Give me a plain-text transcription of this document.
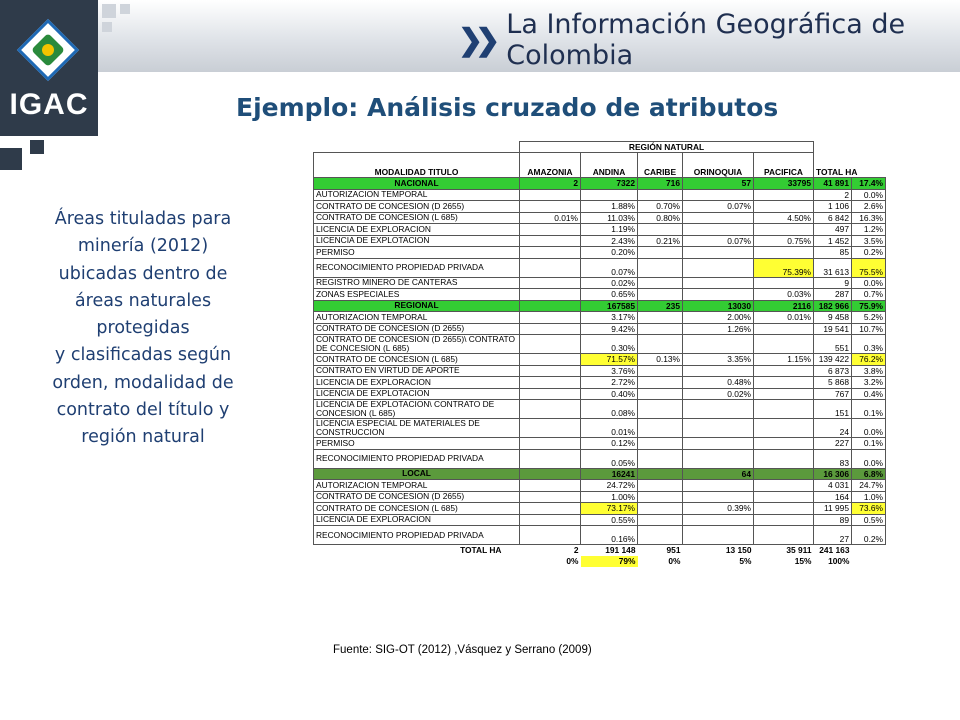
IGAC
❯❯ La Información Geográfica de Colombia
Ejemplo: Análisis cruzado de atributos
Áreas tituladas para
minería (2012)
ubicadas dentro de
áreas naturales
protegidas
y clasificadas según
orden, modalidad de
contrato del título y
región natural
	REGIÓN NATURAL					TOTAL HA	
MODALIDAD TITULO	AMAZONIA	ANDINA	CARIBE	ORINOQUIA	PACIFICA		
NACIONAL	2	7322	716	57	33795	41 891	17.4%
AUTORIZACION TEMPORAL						2	0.0%
CONTRATO DE CONCESION (D 2655)		1.88%	0.70%	0.07%		1 106	2.6%
CONTRATO DE CONCESION (L 685)	0.01%	11.03%	0.80%		4.50%	6 842	16.3%
LICENCIA DE EXPLORACION		1.19%				497	1.2%
LICENCIA DE EXPLOTACION		2.43%	0.21%	0.07%	0.75%	1 452	3.5%
PERMISO		0.20%				85	0.2%
RECONOCIMIENTO PROPIEDAD PRIVADA		0.07%			75.39%	31 613	75.5%
REGISTRO MINERO DE CANTERAS		0.02%				9	0.0%
ZONAS ESPECIALES		0.65%			0.03%	287	0.7%
REGIONAL		167585	235	13030	2116	182 966	75.9%
AUTORIZACION TEMPORAL		3.17%		2.00%	0.01%	9 458	5.2%
CONTRATO DE CONCESION (D 2655)		9.42%		1.26%		19 541	10.7%
CONTRATO DE CONCESION (D 2655)\ CONTRATO DE CONCESION (L 685)		0.30%				551	0.3%
CONTRATO DE CONCESION (L 685)		71.57%	0.13%	3.35%	1.15%	139 422	76.2%
CONTRATO EN VIRTUD DE APORTE		3.76%				6 873	3.8%
LICENCIA DE EXPLORACION		2.72%		0.48%		5 868	3.2%
LICENCIA DE EXPLOTACION		0.40%		0.02%		767	0.4%
LICENCIA DE EXPLOTACION\ CONTRATO DE CONCESION (L 685)		0.08%				151	0.1%
LICENCIA ESPECIAL DE MATERIALES DE CONSTRUCCION		0.01%				24	0.0%
PERMISO		0.12%				227	0.1%
RECONOCIMIENTO PROPIEDAD PRIVADA		0.05%				83	0.0%
LOCAL		16241		64		16 306	6.8%
AUTORIZACION TEMPORAL		24.72%				4 031	24.7%
CONTRATO DE CONCESION (D 2655)		1.00%				164	1.0%
CONTRATO DE CONCESION (L 685)		73.17%		0.39%		11 995	73.6%
LICENCIA DE EXPLORACION		0.55%				89	0.5%
RECONOCIMIENTO PROPIEDAD PRIVADA		0.16%				27	0.2%
TOTAL HA	2	191 148	951	13 150	35 911	241 163	
	0%	79%	0%	5%	15%	100%	
Fuente: SIG-OT (2012) ,Vásquez y Serrano (2009)
